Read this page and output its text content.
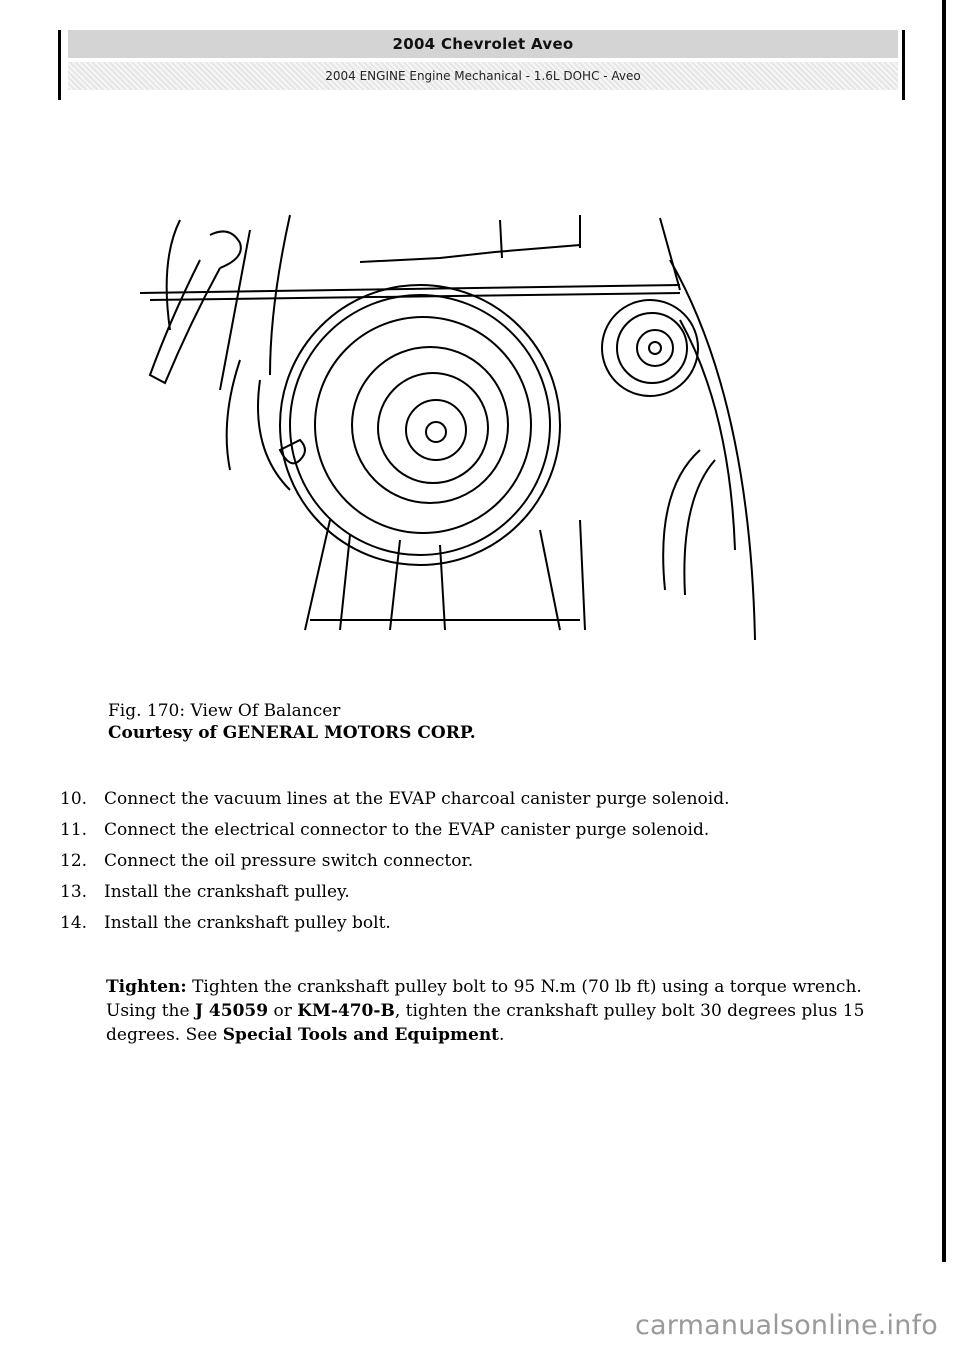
2004 Chevrolet Aveo
2004 ENGINE Engine Mechanical - 1.6L DOHC - Aveo
Fig. 170: View Of Balancer
Courtesy of GENERAL MOTORS CORP.
10. Connect the vacuum lines at the EVAP charcoal canister purge solenoid.
11. Connect the electrical connector to the EVAP canister purge solenoid.
12. Connect the oil pressure switch connector.
13. Install the crankshaft pulley.
14. Install the crankshaft pulley bolt.
Tighten: Tighten the crankshaft pulley bolt to 95 N.m (70 lb ft) using a torque wrench. Using the J 45059 or KM-470-B, tighten the crankshaft pulley bolt 30 degrees plus 15 degrees. See Special Tools and Equipment.
carmanualsonline.info
